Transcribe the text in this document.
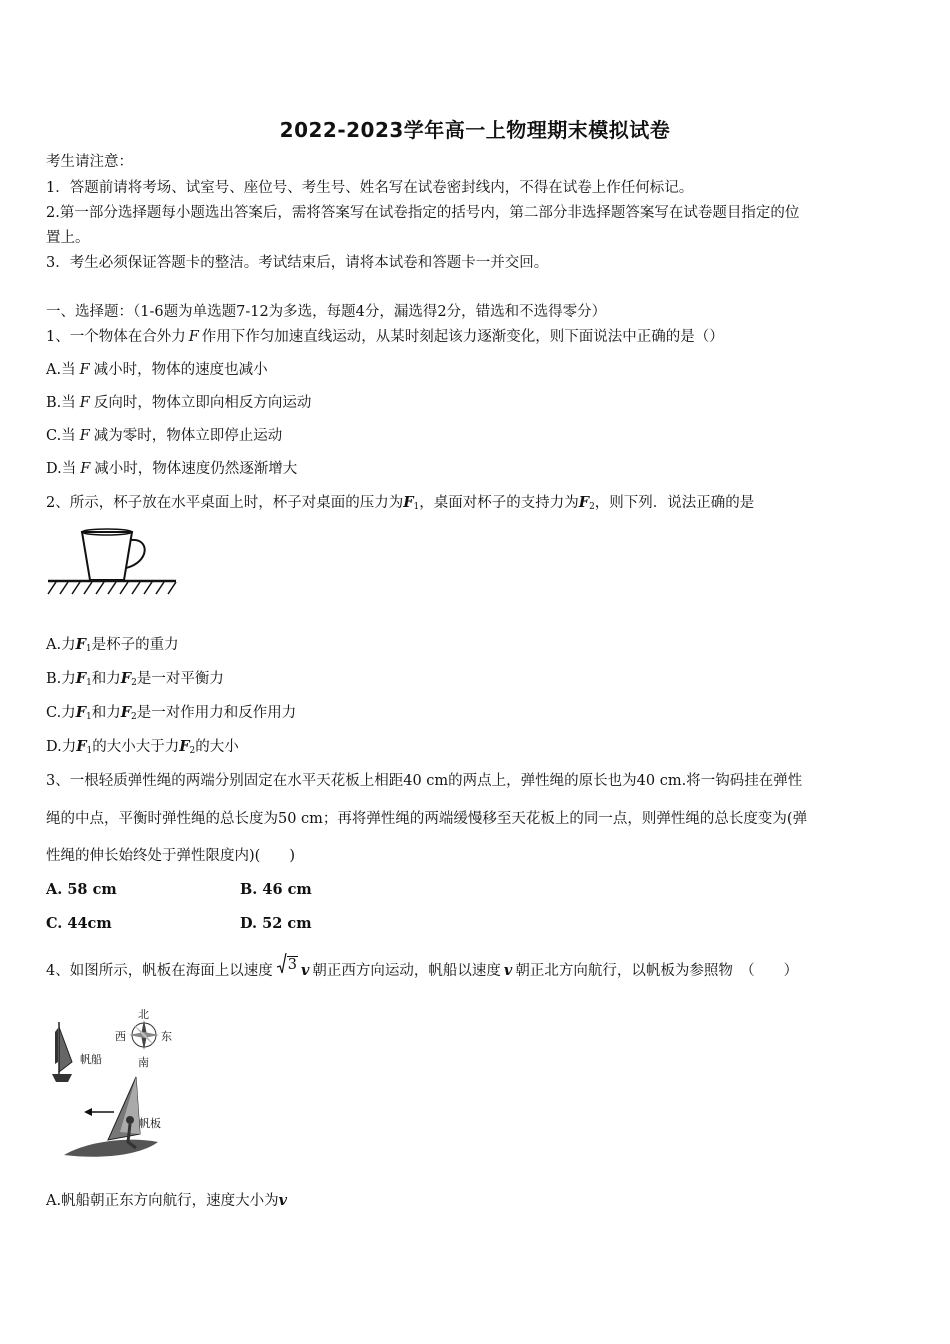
2022-2023学年高一上物理期末模拟试卷
考生请注意：
1．答题前请将考场、试室号、座位号、考生号、姓名写在试卷密封线内，不得在试卷上作任何标记。
2.第一部分选择题每小题选出答案后，需将答案写在试卷指定的括号内，第二部分非选择题答案写在试卷题目指定的位
置上。
3．考生必须保证答题卡的整洁。考试结束后，请将本试卷和答题卡一并交回。
一、选择题：（1-6题为单选题7-12为多选，每题4分，漏选得2分，错选和不选得零分）
1、一个物体在合外力 F 作用下作匀加速直线运动，从某时刻起该力逐渐变化，则下面说法中正确的是（）
A.当 F 减小时，物体的速度也减小
B.当 F 反向时，物体立即向相反方向运动
C.当 F 减为零时，物体立即停止运动
D.当 F 减小时，物体速度仍然逐渐增大
2、所示，杯子放在水平桌面上时，杯子对桌面的压力为$F_1$，桌面对杯子的支持力为$F_2$，则下列．说法正确的是
A.力$F_1$是杯子的重力
B.力$F_1$和力$F_2$是一对平衡力
C.力$F_1$和力$F_2$是一对作用力和反作用力
D.力$F_1$的大小大于力$F_2$的大小
3、一根轻质弹性绳的两端分别固定在水平天花板上相距40 cm的两点上，弹性绳的原长也为40 cm.将一钩码挂在弹性
绳的中点，平衡时弹性绳的总长度为50 cm；再将弹性绳的两端缓慢移至天花板上的同一点，则弹性绳的总长度变为(弹
性绳的伸长始终处于弹性限度内)(　　)
A. 58 cm	B. 46 cm
C. 44cm	D. 52 cm
4、如图所示，帆板在海面上以速度 3 v 朝正西方向运动，帆船以速度 v 朝正北方向航行，以帆板为参照物　（　　）
北
西	东
南
帆船
帆板
A.帆船朝正东方向航行，速度大小为v
